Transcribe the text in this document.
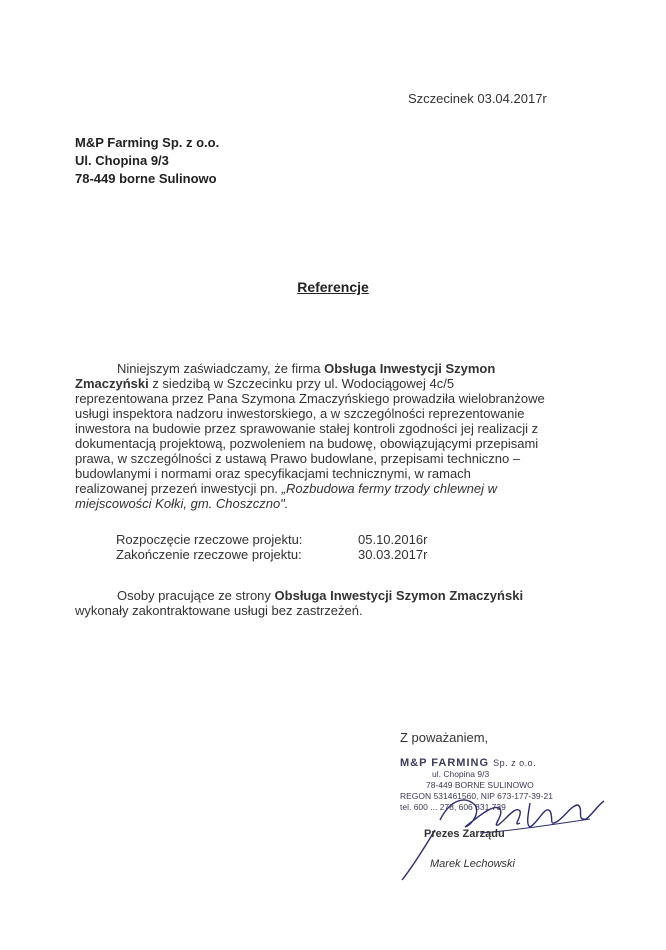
Szczecinek 03.04.2017r
M&P Farming Sp. z o.o.
Ul. Chopina 9/3
78-449 borne Sulinowo
Referencje
Niniejszym zaświadczamy, że firma Obsługa Inwestycji Szymon
Zmaczyński z siedzibą w Szczecinku przy ul. Wodociągowej 4c/5
reprezentowana przez Pana Szymona Zmaczyńskiego prowadziła wielobranżowe
usługi inspektora nadzoru inwestorskiego, a w szczególności reprezentowanie
inwestora na budowie przez sprawowanie stałej kontroli zgodności jej realizacji z
dokumentacją projektową, pozwoleniem na budowę, obowiązującymi przepisami
prawa, w szczególności z ustawą Prawo budowlane, przepisami techniczno –
budowlanymi i normami oraz specyfikacjami technicznymi, w ramach
realizowanej przezeń inwestycji pn. „Rozbudowa fermy trzody chlewnej w
miejscowości Kołki, gm. Choszczno".
Rozpoczęcie rzeczowe projektu:	05.10.2016r
Zakończenie rzeczowe projektu:	30.03.2017r
Osoby pracujące ze strony Obsługa Inwestycji Szymon Zmaczyński
wykonały zakontraktowane usługi bez zastrzeżeń.
Z poważaniem,
M&P FARMING Sp. z o.o.
ul. Chopina 9/3
78-449 BORNE SULINOWO
REGON 531461560, NIP 673-177-39-21
tel. 600 ... 278, 606 831 739
Prezes Zarządu
Marek Lechowski
